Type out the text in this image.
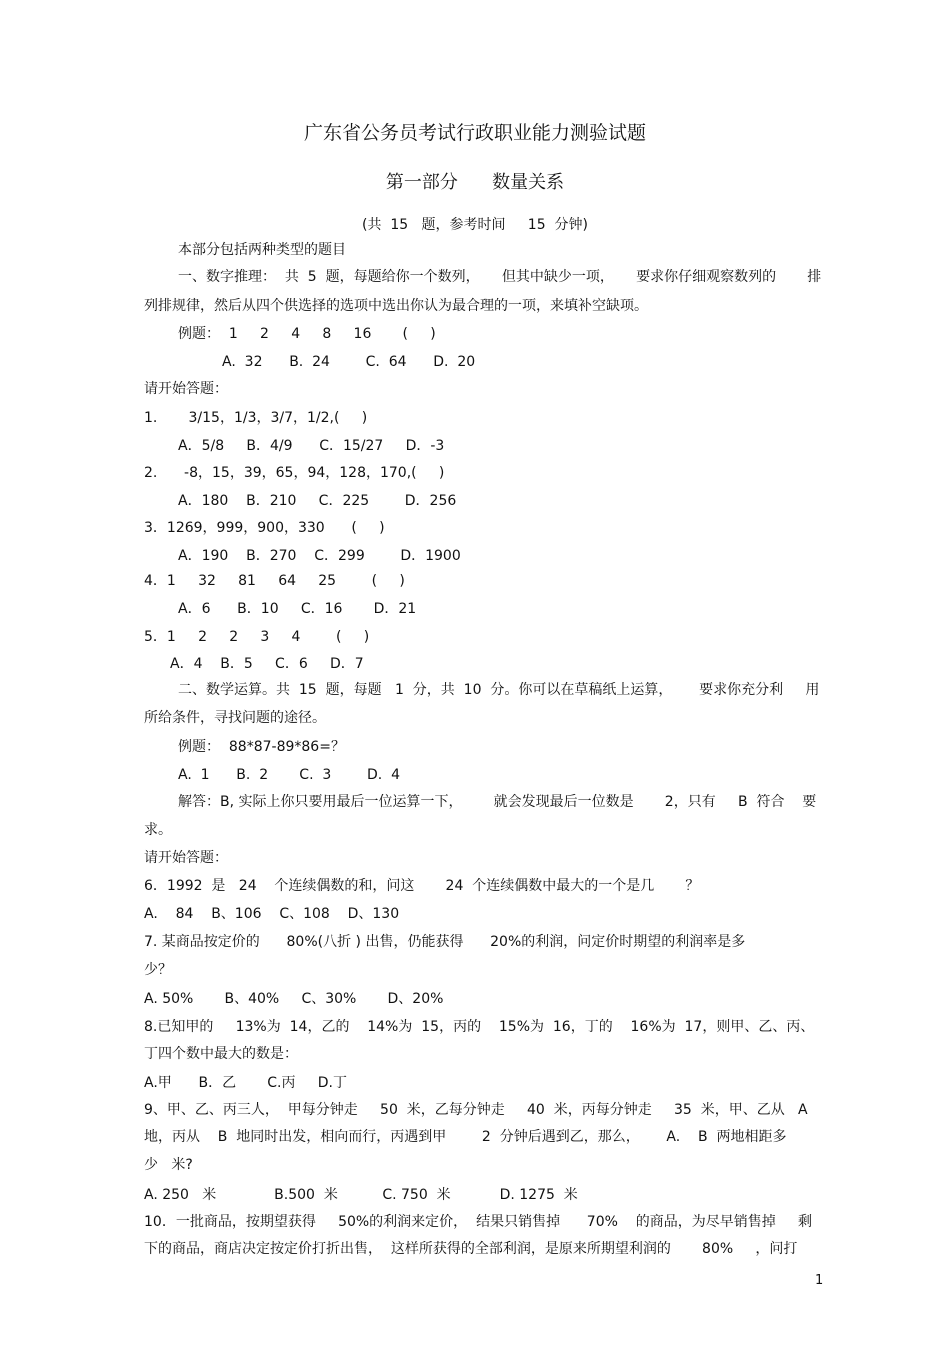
广东省公务员考试行政职业能力测验试题
第一部分      数量关系
(共  15   题，参考时间     15  分钟)
本部分包括两种类型的题目
一、数字推理：  共  5  题，每题给你一个数列，     但其中缺少一项，     要求你仔细观察数列的       排
列排规律，然后从四个供选择的选项中选出你认为最合理的一项，来填补空缺项。
例题：  1     2     4     8     16       (     )
A.  32      B.  24        C.  64      D.  20
请开始答题：
1.       3/15，1/3，3/7，1/2,(     )
A．5/8     B．4/9      C．15/27     D．-3
2.      -8，15，39，65，94，128，170,(     )
A．180    B．210     C．225        D．256
3．1269，999，900，330      (     )
A．190    B．270    C．299        D．1900
4．1     32     81     64     25        (     )
A．6      B．10     C．16       D．21
5．1     2     2     3     4        (     )
A．4    B．5     C．6     D．7
二、数学运算。共  15  题，每题   1  分，共  10  分。你可以在草稿纸上运算，      要求你充分利     用
所给条件，寻找问题的途径。
例题：  88*87-89*86=？
A.  1      B.  2       C.  3        D.  4
解答：B, 实际上你只要用最后一位运算一下，       就会发现最后一位数是       2，只有     B  符合    要
求。
请开始答题：
6．1992  是   24    个连续偶数的和，问这       24  个连续偶数中最大的一个是几       ？
A.    84    B、106    C、108    D、130
7. 某商品按定价的      80%(八折 ) 出售，仍能获得      20%的利润，问定价时期望的利润率是多
少？
A. 50%       B、40%     C、30%       D、20%
8.已知甲的     13%为  14，乙的    14%为  15，丙的    15%为  16，丁的    16%为  17，则甲、乙、丙、
丁四个数中最大的数是：
A.甲      B．乙       C.丙     D.丁
9、甲、乙、丙三人，  甲每分钟走     50  米，乙每分钟走     40  米，丙每分钟走     35  米，甲、乙从   A
地，丙从    B  地同时出发，相向而行，丙遇到甲        2  分钟后遇到乙，那么，      A.    B  两地相距多
少   米?
A. 250   米             B.500  米          C. 750  米           D. 1275  米
10．一批商品，按期望获得     50%的利润来定价，  结果只销售掉      70%    的商品，为尽早销售掉     剩
下的商品，商店决定按定价打折出售，  这样所获得的全部利润，是原来所期望利润的       80%     ，问打
1
